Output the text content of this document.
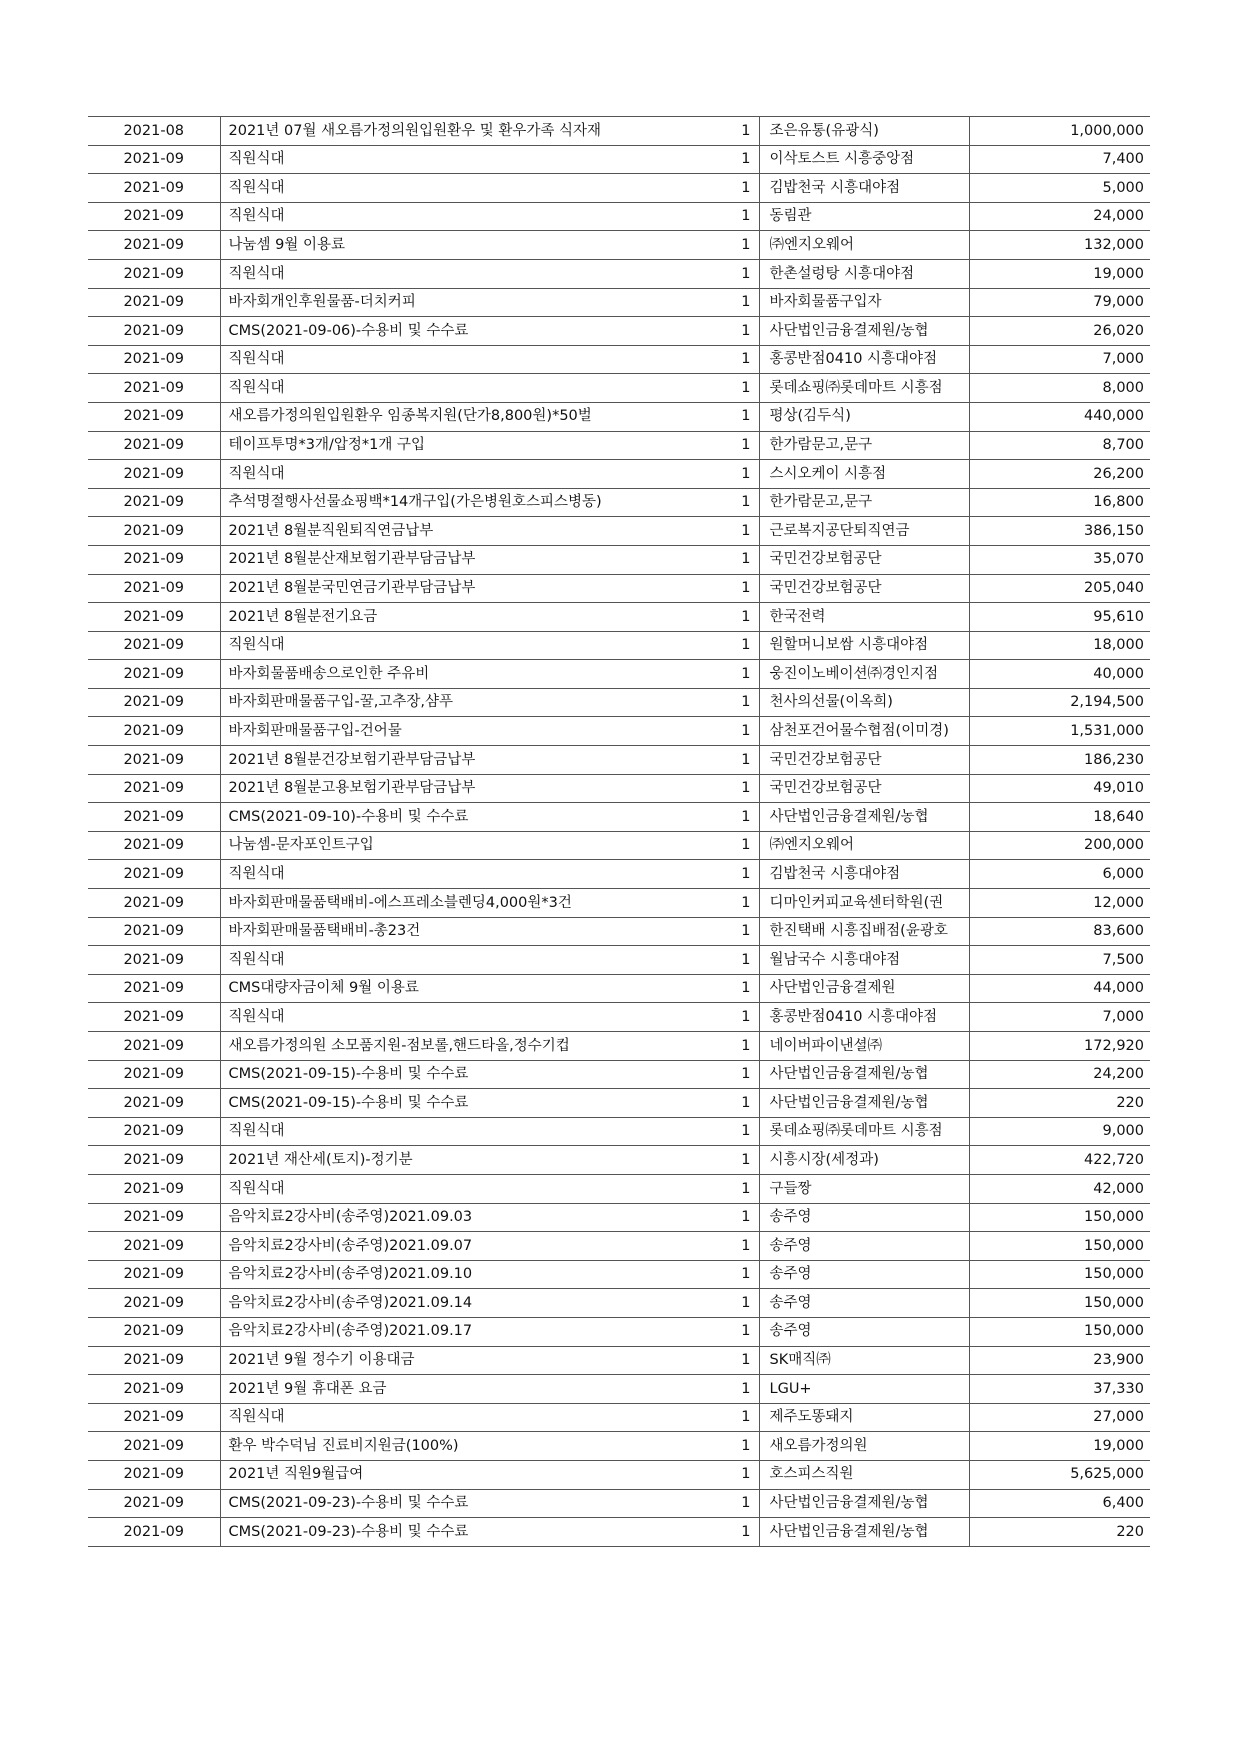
2021-08	2021년 07월 새오름가정의원입원환우 및 환우가족 식자재	1	조은유통(유광식)	1,000,000
2021-09	직원식대	1	이삭토스트 시흥중앙점	7,400
2021-09	직원식대	1	김밥천국 시흥대야점	5,000
2021-09	직원식대	1	동림관	24,000
2021-09	나눔셈 9월 이용료	1	㈜엔지오웨어	132,000
2021-09	직원식대	1	한촌설렁탕 시흥대야점	19,000
2021-09	바자회개인후원물품-더치커피	1	바자회물품구입자	79,000
2021-09	CMS(2021-09-06)-수용비 및 수수료	1	사단법인금융결제원/농협	26,020
2021-09	직원식대	1	홍콩반점0410 시흥대야점	7,000
2021-09	직원식대	1	롯데쇼핑㈜롯데마트 시흥점	8,000
2021-09	새오름가정의원입원환우 임종복지원(단가8,800원)*50벌	1	평상(김두식)	440,000
2021-09	테이프투명*3개/압정*1개 구입	1	한가람문고,문구	8,700
2021-09	직원식대	1	스시오케이 시흥점	26,200
2021-09	추석명절행사선물쇼핑백*14개구입(가은병원호스피스병동)	1	한가람문고,문구	16,800
2021-09	2021년 8월분직원퇴직연금납부	1	근로복지공단퇴직연금	386,150
2021-09	2021년 8월분산재보험기관부담금납부	1	국민건강보험공단	35,070
2021-09	2021년 8월분국민연금기관부담금납부	1	국민건강보험공단	205,040
2021-09	2021년 8월분전기요금	1	한국전력	95,610
2021-09	직원식대	1	원할머니보쌈 시흥대야점	18,000
2021-09	바자회물품배송으로인한 주유비	1	웅진이노베이션㈜경인지점	40,000
2021-09	바자회판매물품구입-꿀,고추장,샴푸	1	천사의선물(이옥희)	2,194,500
2021-09	바자회판매물품구입-건어물	1	삼천포건어물수협점(이미경)	1,531,000
2021-09	2021년 8월분건강보험기관부담금납부	1	국민건강보험공단	186,230
2021-09	2021년 8월분고용보험기관부담금납부	1	국민건강보험공단	49,010
2021-09	CMS(2021-09-10)-수용비 및 수수료	1	사단법인금융결제원/농협	18,640
2021-09	나눔셈-문자포인트구입	1	㈜엔지오웨어	200,000
2021-09	직원식대	1	김밥천국 시흥대야점	6,000
2021-09	바자회판매물품택배비-에스프레소블렌딩4,000원*3건	1	디마인커피교육센터학원(권	12,000
2021-09	바자회판매물품택배비-총23건	1	한진택배 시흥집배점(윤광호	83,600
2021-09	직원식대	1	월남국수 시흥대야점	7,500
2021-09	CMS대량자금이체 9월 이용료	1	사단법인금융결제원	44,000
2021-09	직원식대	1	홍콩반점0410 시흥대야점	7,000
2021-09	새오름가정의원 소모품지원-점보롤,핸드타올,정수기컵	1	네이버파이낸셜㈜	172,920
2021-09	CMS(2021-09-15)-수용비 및 수수료	1	사단법인금융결제원/농협	24,200
2021-09	CMS(2021-09-15)-수용비 및 수수료	1	사단법인금융결제원/농협	220
2021-09	직원식대	1	롯데쇼핑㈜롯데마트 시흥점	9,000
2021-09	2021년 재산세(토지)-정기분	1	시흥시장(세정과)	422,720
2021-09	직원식대	1	구들짱	42,000
2021-09	음악치료2강사비(송주영)2021.09.03	1	송주영	150,000
2021-09	음악치료2강사비(송주영)2021.09.07	1	송주영	150,000
2021-09	음악치료2강사비(송주영)2021.09.10	1	송주영	150,000
2021-09	음악치료2강사비(송주영)2021.09.14	1	송주영	150,000
2021-09	음악치료2강사비(송주영)2021.09.17	1	송주영	150,000
2021-09	2021년 9월 정수기 이용대금	1	SK매직㈜	23,900
2021-09	2021년 9월 휴대폰 요금	1	LGU+	37,330
2021-09	직원식대	1	제주도똥돼지	27,000
2021-09	환우 박수덕님 진료비지원금(100%)	1	새오름가정의원	19,000
2021-09	2021년 직원9월급여	1	호스피스직원	5,625,000
2021-09	CMS(2021-09-23)-수용비 및 수수료	1	사단법인금융결제원/농협	6,400
2021-09	CMS(2021-09-23)-수용비 및 수수료	1	사단법인금융결제원/농협	220
